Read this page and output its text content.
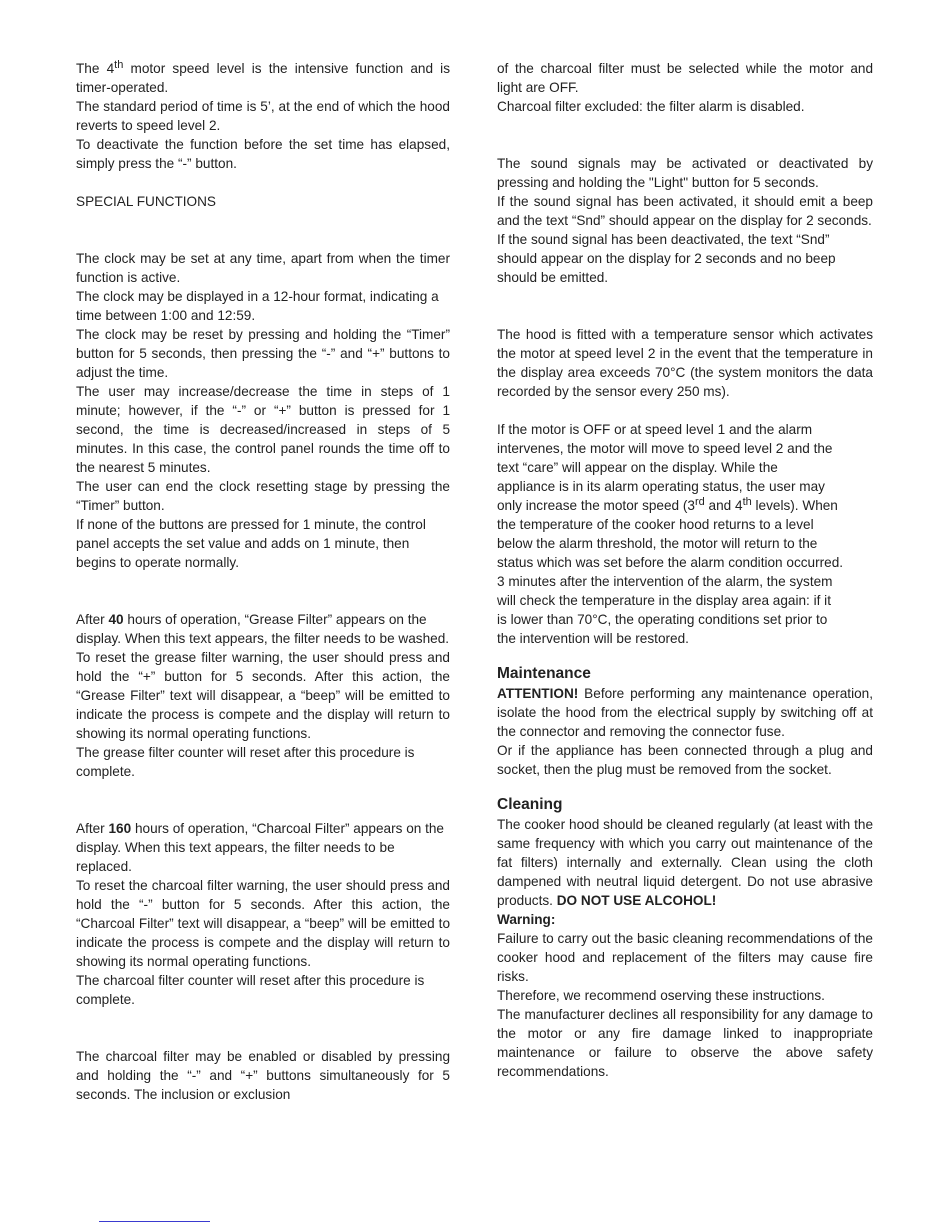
The 4th motor speed level is the intensive function and is timer-operated.

The standard period of time is 5’, at the end of which the hood reverts to speed level 2.

To deactivate the function before the set time has elapsed, simply press the “-” button.

SPECIAL FUNCTIONS

The clock may be set at any time, apart from when the timer function is active.

The clock may be displayed in a 12-hour format, indicating a time between 1:00 and 12:59.

The clock may be reset by pressing and holding the “Timer” button for 5 seconds, then pressing the “-” and “+” buttons to adjust the time.

The user may increase/decrease the time in steps of 1 minute; however, if the “-” or “+” button is pressed for 1 second, the time is decreased/increased in steps of 5 minutes. In this case, the control panel rounds the time off to the nearest 5 minutes.

The user can end the clock resetting stage by pressing the “Timer” button.

If none of the buttons are pressed for 1 minute, the control panel accepts the set value and adds on 1 minute, then begins to operate normally.

After 40 hours of operation, “Grease Filter” appears on the display. When this text appears, the filter needs to be washed.

To reset the grease filter warning, the user should press and hold the “+” button for 5 seconds. After this action, the “Grease Filter” text will disappear, a “beep” will be emitted to indicate the process is compete and the display will return to showing its normal operating functions.

The grease filter counter will reset after this procedure is complete.

After 160 hours of operation, “Charcoal Filter” appears on the display. When this text appears, the filter needs to be replaced.

To reset the charcoal filter warning, the user should press and hold the “-” button for 5 seconds. After this action, the “Charcoal Filter” text will disappear, a “beep” will be emitted to indicate the process is compete and the display will return to showing its normal operating functions.

The charcoal filter counter will reset after this procedure is complete.

The charcoal filter may be enabled or disabled by pressing and holding the “-” and “+” buttons simultaneously for 5 seconds. The inclusion or exclusion

of the charcoal filter must be selected while the motor and light are OFF.

Charcoal filter excluded: the filter alarm is disabled.

The sound signals may be activated or deactivated by pressing and holding the "Light" button for 5 seconds.

If the sound signal has been activated, it should emit a beep and the text “Snd” should appear on the display for 2 seconds.

If the sound signal has been deactivated, the text “Snd” should appear on the display for 2 seconds and no beep should be emitted.

The hood is fitted with a temperature sensor which activates the motor at speed level 2 in the event that the temperature in the display area exceeds 70°C (the system monitors the data recorded by the sensor every 250 ms).

If the motor is OFF or at speed level 1 and the alarm

intervenes, the motor will move to speed level 2 and the

text “care” will appear on the display. While the

appliance is in its alarm operating status, the user may

only increase the motor speed (3rd and 4th levels). When

the temperature of the cooker hood returns to a level

below the alarm threshold, the motor will return to the

status which was set before the alarm condition occurred.

3 minutes after the intervention of the alarm, the system

will check the temperature in the display area again: if it

is lower than 70°C, the operating conditions set prior to

the intervention will be restored.

Maintenance

ATTENTION! Before performing any maintenance operation, isolate the hood from the electrical supply by switching off at the connector and removing the connector fuse.

Or if the appliance has been connected through a plug and socket, then the plug must be removed from the socket.

Cleaning

The cooker hood should be cleaned regularly (at least with the same frequency with which you carry out maintenance of the fat filters) internally and externally. Clean using the cloth dampened with neutral liquid detergent. Do not use abrasive products. DO NOT USE ALCOHOL!

Warning:

Failure to carry out the basic cleaning recommendations of the cooker hood and replacement of the filters may cause fire risks.

Therefore, we recommend oserving these instructions.

The manufacturer declines all responsibility for any damage to the motor or any fire damage linked to inappropriate maintenance or failure to observe the above safety recommendations.
